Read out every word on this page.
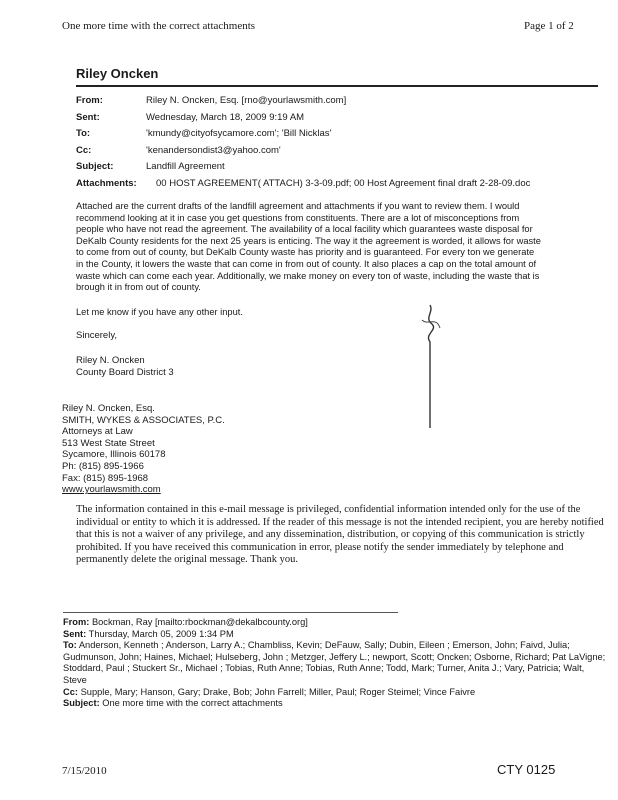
One more time with the correct attachments	Page 1 of 2
Riley Oncken
From:	Riley N. Oncken, Esq. [rno@yourlawsmith.com]
Sent:	Wednesday, March 18, 2009 9:19 AM
To:	'kmundy@cityofsycamore.com'; 'Bill Nicklas'
Cc:	'kenandersondist3@yahoo.com'
Subject:	Landfill Agreement
Attachments:	00 HOST AGREEMENT( ATTACH) 3-3-09.pdf; 00 Host Agreement final draft 2-28-09.doc
Attached are the current drafts of the landfill agreement and attachments if you want to review them. I would
recommend looking at it in case you get questions from constituents. There are a lot of misconceptions from
people who have not read the agreement. The availability of a local facility which guarantees waste disposal for
DeKalb County residents for the next 25 years is enticing. The way it the agreement is worded, it allows for waste
to come from out of county, but DeKalb County waste has priority and is guaranteed. For every ton we generate
in the County, it lowers the waste that can come in from out of county. It also places a cap on the total amount of
waste which can come each year. Additionally, we make money on every ton of waste, including the waste that is
brough it in from out of county.
Let me know if you have any other input.
Sincerely,
Riley N. Oncken
County Board District 3
Riley N. Oncken, Esq.
SMITH, WYKES & ASSOCIATES, P.C.
Attorneys at Law
513 West State Street
Sycamore, Illinois 60178
Ph: (815) 895-1966
Fax: (815) 895-1968
www.yourlawsmith.com
The information contained in this e-mail message is privileged, confidential information intended only for the use of the individual or entity to which it is addressed. If the reader of this message is not the intended recipient, you are hereby notified that this is not a waiver of any privilege, and any dissemination, distribution, or copying of this communication is strictly prohibited. If you have received this communication in error, please notify the sender immediately by telephone and permanently delete the original message. Thank you.
From: Bockman, Ray [mailto:rbockman@dekalbcounty.org]
Sent: Thursday, March 05, 2009 1:34 PM
To: Anderson, Kenneth ; Anderson, Larry A.; Chambliss, Kevin; DeFauw, Sally; Dubin, Eileen ; Emerson, John; Faivd, Julia; Gudmunson, John; Haines, Michael; Hulseberg, John ; Metzger, Jeffery L.; newport, Scott; Oncken; Osborne, Richard; Pat LaVigne; Stoddard, Paul ; Stuckert Sr., Michael ; Tobias, Ruth Anne; Tobias, Ruth Anne; Todd, Mark; Turner, Anita J.; Vary, Patricia; Walt, Steve
Cc: Supple, Mary; Hanson, Gary; Drake, Bob; John Farrell; Miller, Paul; Roger Steimel; Vince Faivre
Subject: One more time with the correct attachments
7/15/2010	CTY 0125
